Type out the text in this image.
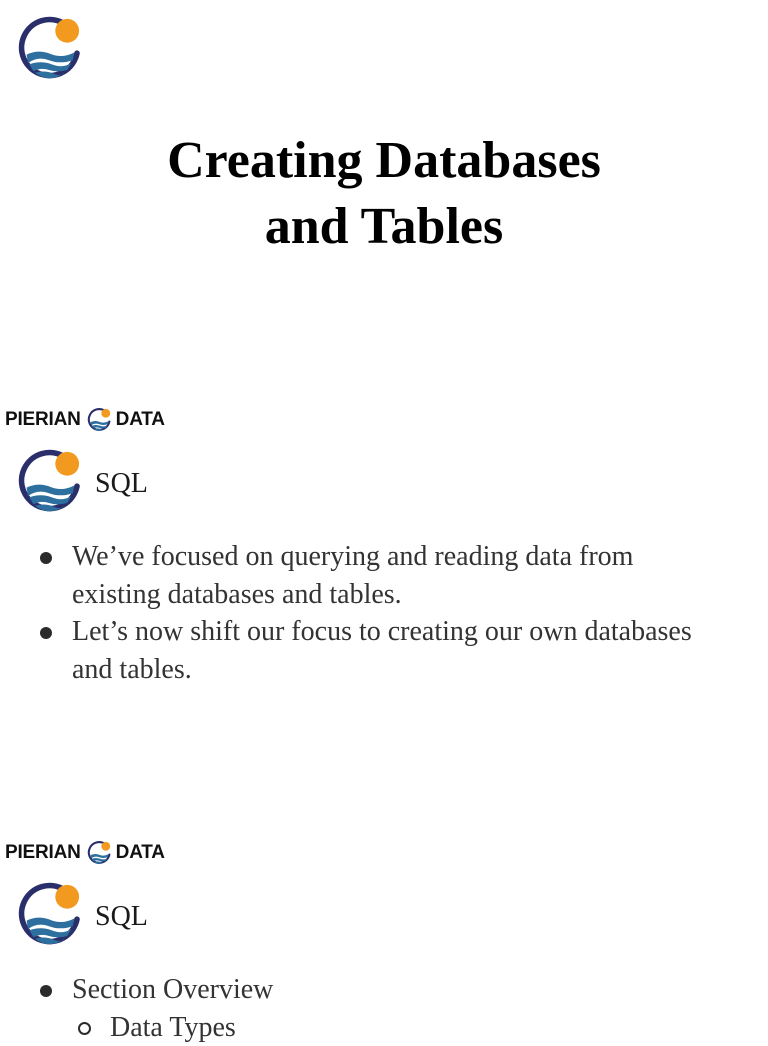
Creating Databases
and Tables
PIERIAN DATA
SQL
We’ve focused on querying and reading data from existing databases and tables.
Let’s now shift our focus to creating our own databases and tables.
PIERIAN DATA
SQL
Section Overview
Data Types
